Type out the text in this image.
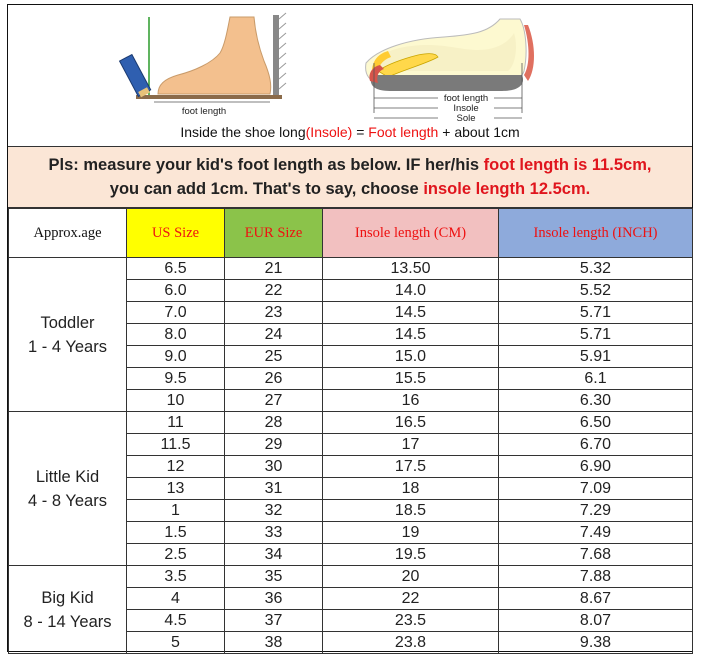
foot length
foot length
Insole
Sole
Inside the shoe long(Insole) = Foot length + about 1cm
Pls: measure your kid's foot length as below. IF her/his foot length is 11.5cm,
you can add 1cm. That's to say, choose insole length 12.5cm.
Approx.age	US Size	EUR Size	Insole length (CM)	Insole length (INCH)
Toddler
1 - 4 Years	6.5	21	13.50	5.32
	6.0	22	14.0	5.52
	7.0	23	14.5	5.71
	8.0	24	14.5	5.71
	9.0	25	15.0	5.91
	9.5	26	15.5	6.1
	10	27	16	6.30
Little Kid
4 - 8 Years	11	28	16.5	6.50
	11.5	29	17	6.70
	12	30	17.5	6.90
	13	31	18	7.09
	1	32	18.5	7.29
	1.5	33	19	7.49
	2.5	34	19.5	7.68
Big Kid
8 - 14 Years	3.5	35	20	7.88
	4	36	22	8.67
	4.5	37	23.5	8.07
	5	38	23.8	9.38
